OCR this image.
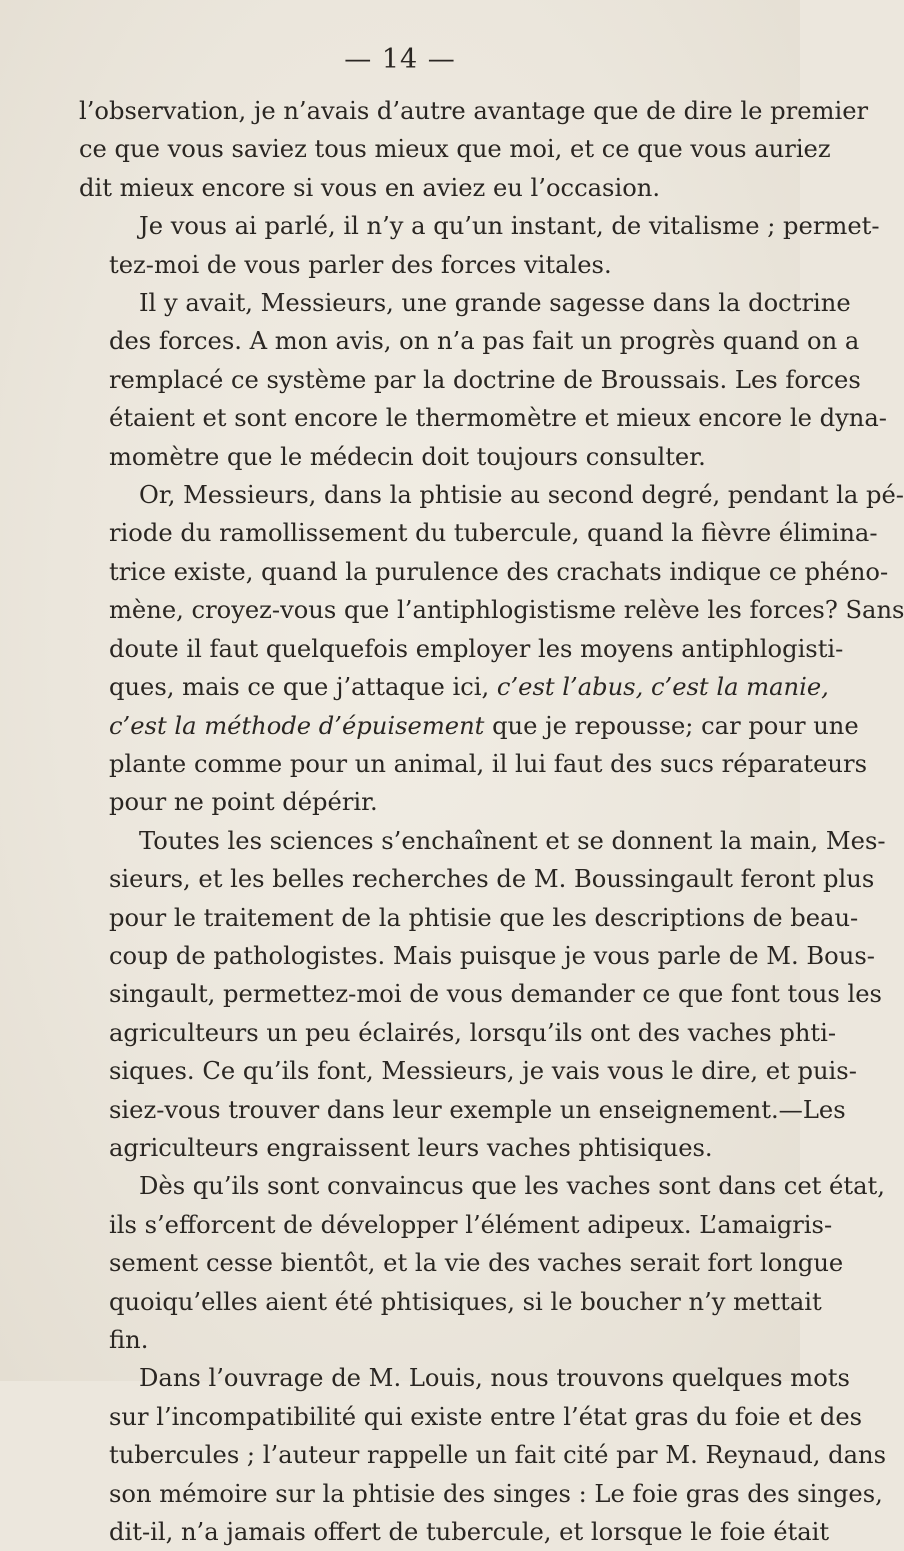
— 14 —

l’observation, je n’avais d’autre avantage que de dire le premier
ce que vous saviez tous mieux que moi, et ce que vous auriez
dit mieux encore si vous en aviez eu l’occasion.

Je vous ai parlé, il n’y a qu’un instant, de vitalisme ; permet-
tez-moi de vous parler des forces vitales.

Il y avait, Messieurs, une grande sagesse dans la doctrine
des forces. A mon avis, on n’a pas fait un progrès quand on a
remplacé ce système par la doctrine de Broussais. Les forces
étaient et sont encore le thermomètre et mieux encore le dyna-
momètre que le médecin doit toujours consulter.

Or, Messieurs, dans la phtisie au second degré, pendant la pé-
riode du ramollissement du tubercule, quand la fièvre élimina-
trice existe, quand la purulence des crachats indique ce phéno-
mène, croyez-vous que l’antiphlogistisme relève les forces? Sans
doute il faut quelquefois employer les moyens antiphlogisti-
ques, mais ce que j’attaque ici, c’est l’abus, c’est la manie,
c’est la méthode d’épuisement que je repousse; car pour une
plante comme pour un animal, il lui faut des sucs réparateurs
pour ne point dépérir.

Toutes les sciences s’enchaînent et se donnent la main, Mes-
sieurs, et les belles recherches de M. Boussingault feront plus
pour le traitement de la phtisie que les descriptions de beau-
coup de pathologistes. Mais puisque je vous parle de M. Bous-
singault, permettez-moi de vous demander ce que font tous les
agriculteurs un peu éclairés, lorsqu’ils ont des vaches phti-
siques. Ce qu’ils font, Messieurs, je vais vous le dire, et puis-
siez-vous trouver dans leur exemple un enseignement.—Les
agriculteurs engraissent leurs vaches phtisiques.

Dès qu’ils sont convaincus que les vaches sont dans cet état,
ils s’efforcent de développer l’élément adipeux. L’amaigris-
sement cesse bientôt, et la vie des vaches serait fort longue
quoiqu’elles aient été phtisiques, si le boucher n’y mettait
fin.

Dans l’ouvrage de M. Louis, nous trouvons quelques mots
sur l’incompatibilité qui existe entre l’état gras du foie et des
tubercules ; l’auteur rappelle un fait cité par M. Reynaud, dans
son mémoire sur la phtisie des singes : Le foie gras des singes,
dit-il, n’a jamais offert de tubercule, et lorsque le foie était
